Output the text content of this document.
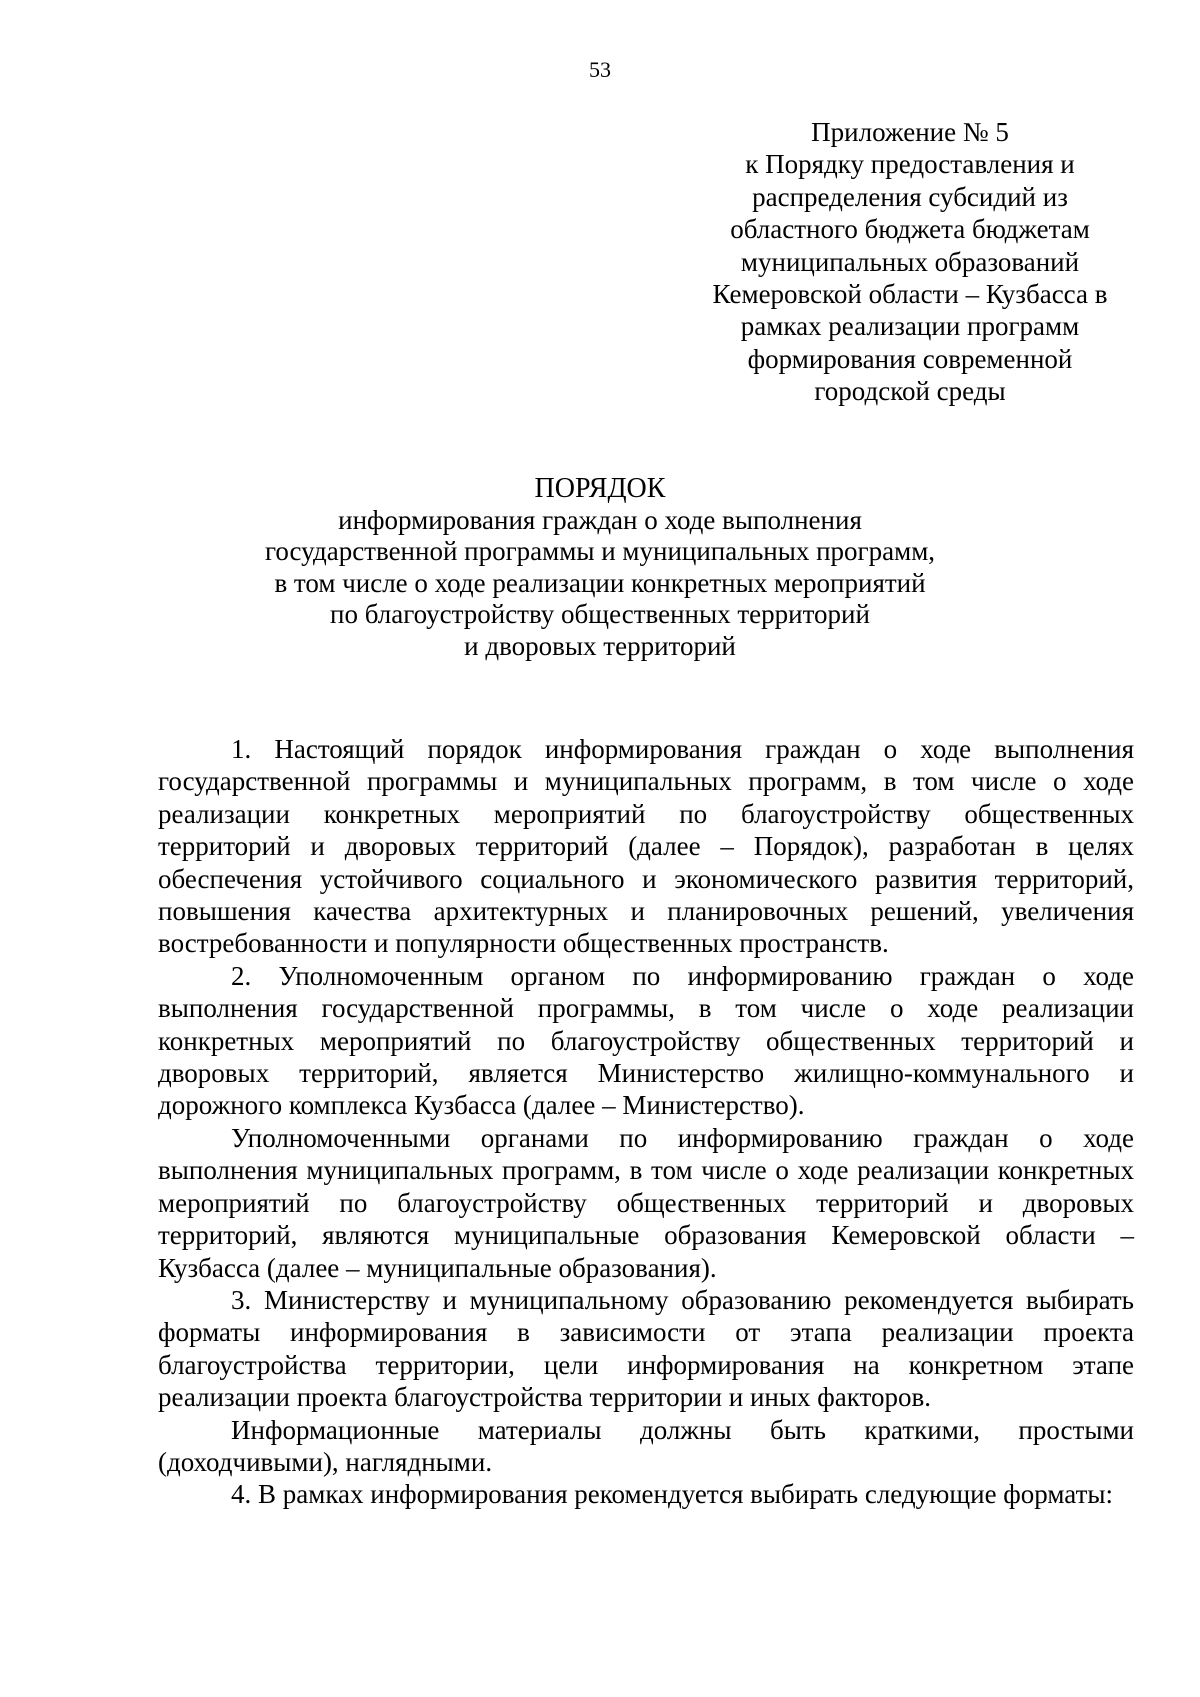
53
Приложение № 5
к Порядку предоставления и
распределения субсидий из
областного бюджета бюджетам
муниципальных образований
Кемеровской области – Кузбасса в
рамках реализации программ
формирования современной
городской среды
ПОРЯДОК
информирования граждан о ходе выполнения
государственной программы и муниципальных программ,
в том числе о ходе реализации конкретных мероприятий
по благоустройству общественных территорий
и дворовых территорий

1. Настоящий порядок информирования граждан о ходе выполнения государственной программы и муниципальных программ, в том числе о ходе реализации конкретных мероприятий по благоустройству общественных территорий и дворовых территорий (далее – Порядок), разработан в целях обеспечения устойчивого социального и экономического развития территорий, повышения качества архитектурных и планировочных решений, увеличения востребованности и популярности общественных пространств.

2. Уполномоченным органом по информированию граждан о ходе выполнения государственной программы, в том числе о ходе реализации конкретных мероприятий по благоустройству общественных территорий и дворовых территорий, является Министерство жилищно-коммунального и дорожного комплекса Кузбасса (далее – Министерство).

Уполномоченными органами по информированию граждан о ходе выполнения муниципальных программ, в том числе о ходе реализации конкретных мероприятий по благоустройству общественных территорий и дворовых территорий, являются муниципальные образования Кемеровской области – Кузбасса (далее – муниципальные образования).

3. Министерству и муниципальному образованию рекомендуется выбирать форматы информирования в зависимости от этапа реализации проекта благоустройства территории, цели информирования на конкретном этапе реализации проекта благоустройства территории и иных факторов.

Информационные материалы должны быть краткими, простыми (доходчивыми), наглядными.

4. В рамках информирования рекомендуется выбирать следующие форматы:
